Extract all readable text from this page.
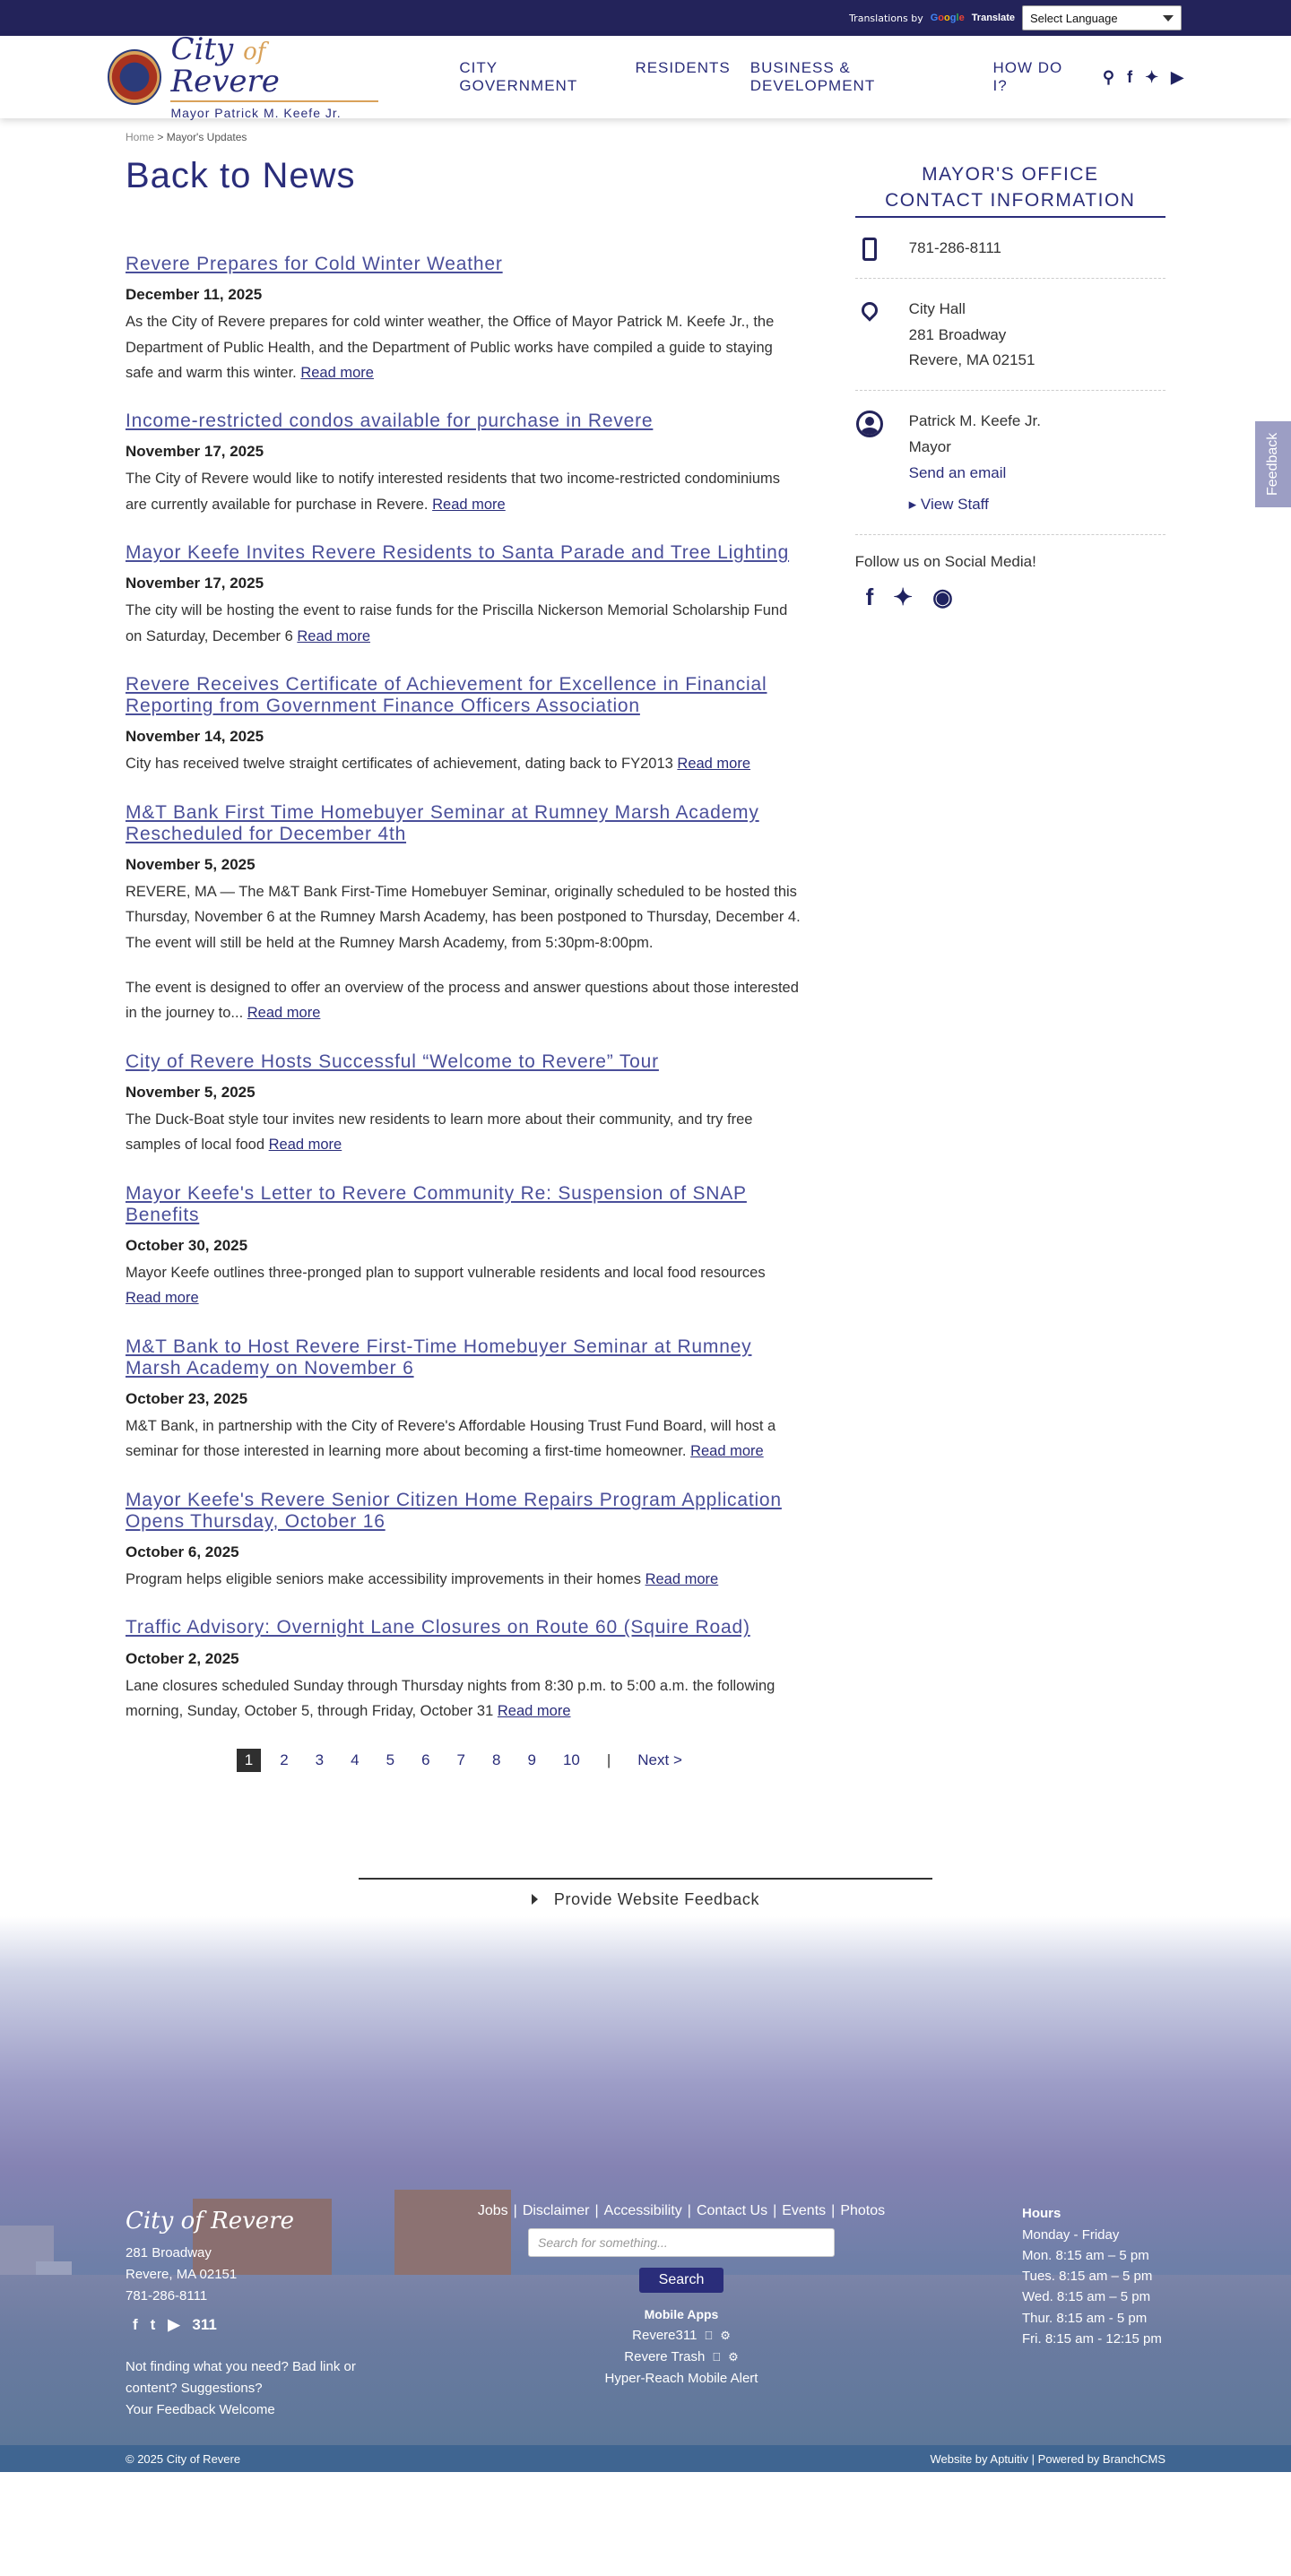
Translations by Google Translate Select Language
City of Revere
Mayor Patrick M. Keefe Jr.
CITY GOVERNMENT
RESIDENTS BUSINESS & DEVELOPMENT
HOW DO I?	⚲ f ✦ ▶
Home > Mayor's Updates
Back to News
Revere Prepares for Cold Winter Weather
December 11, 2025

As the City of Revere prepares for cold winter weather, the Office of Mayor Patrick M. Keefe Jr., the Department of Public Health, and the Department of Public works have compiled a guide to staying safe and warm this winter. Read more

Income-restricted condos available for purchase in Revere
November 17, 2025

The City of Revere would like to notify interested residents that two income-restricted condominiums are currently available for purchase in Revere. Read more

Mayor Keefe Invites Revere Residents to Santa Parade and Tree Lighting
November 17, 2025

The city will be hosting the event to raise funds for the Priscilla Nickerson Memorial Scholarship Fund on Saturday, December 6 Read more

Revere Receives Certificate of Achievement for Excellence in Financial Reporting from Government Finance Officers Association
November 14, 2025

City has received twelve straight certificates of achievement, dating back to FY2013 Read more

M&T Bank First Time Homebuyer Seminar at Rumney Marsh Academy Rescheduled for December 4th
November 5, 2025

REVERE, MA — The M&T Bank First-Time Homebuyer Seminar, originally scheduled to be hosted this Thursday, November 6 at the Rumney Marsh Academy, has been postponed to Thursday, December 4. The event will still be held at the Rumney Marsh Academy, from 5:30pm-8:00pm.

The event is designed to offer an overview of the process and answer questions about those interested in the journey to... Read more

City of Revere Hosts Successful “Welcome to Revere” Tour
November 5, 2025

The Duck-Boat style tour invites new residents to learn more about their community, and try free samples of local food Read more

Mayor Keefe's Letter to Revere Community Re: Suspension of SNAP Benefits
October 30, 2025

Mayor Keefe outlines three-pronged plan to support vulnerable residents and local food resources Read more

M&T Bank to Host Revere First-Time Homebuyer Seminar at Rumney Marsh Academy on November 6
October 23, 2025

M&T Bank, in partnership with the City of Revere's Affordable Housing Trust Fund Board, will host a seminar for those interested in learning more about becoming a first-time homeowner. Read more

Mayor Keefe's Revere Senior Citizen Home Repairs Program Application Opens Thursday, October 16
October 6, 2025

Program helps eligible seniors make accessibility improvements in their homes Read more

Traffic Advisory: Overnight Lane Closures on Route 60 (Squire Road)
October 2, 2025

Lane closures scheduled Sunday through Thursday nights from 8:30 p.m. to 5:00 a.m. the following morning, Sunday, October 5, through Friday, October 31 Read more

1	2	3	4	5	6	7	8	9	10	|	Next >
MAYOR'S OFFICE
CONTACT INFORMATION
781-286-8111
City Hall
281 Broadway
Revere, MA 02151
Patrick M. Keefe Jr.
Mayor
Send an email
▸ View Staff
Follow us on Social Media!
f ✦ ◉
Feedback
Provide Website Feedback
City of Revere
281 Broadway
Revere, MA 02151
781-286-8111
f t ▶ 311
Not finding what you need? Bad link or content? Suggestions?
Your Feedback Welcome
Jobs | Disclaimer | Accessibility | Contact Us | Events | Photos
Search for something...
Search
Mobile Apps
Revere311 ⚙
Revere Trash ⚙
Hyper-Reach Mobile Alert
Hours
Monday - Friday
Mon. 8:15 am – 5 pm
Tues. 8:15 am – 5 pm
Wed. 8:15 am – 5 pm
Thur. 8:15 am - 5 pm
Fri. 8:15 am - 12:15 pm
© 2025 City of Revere	Website by Aptuitiv | Powered by BranchCMS
